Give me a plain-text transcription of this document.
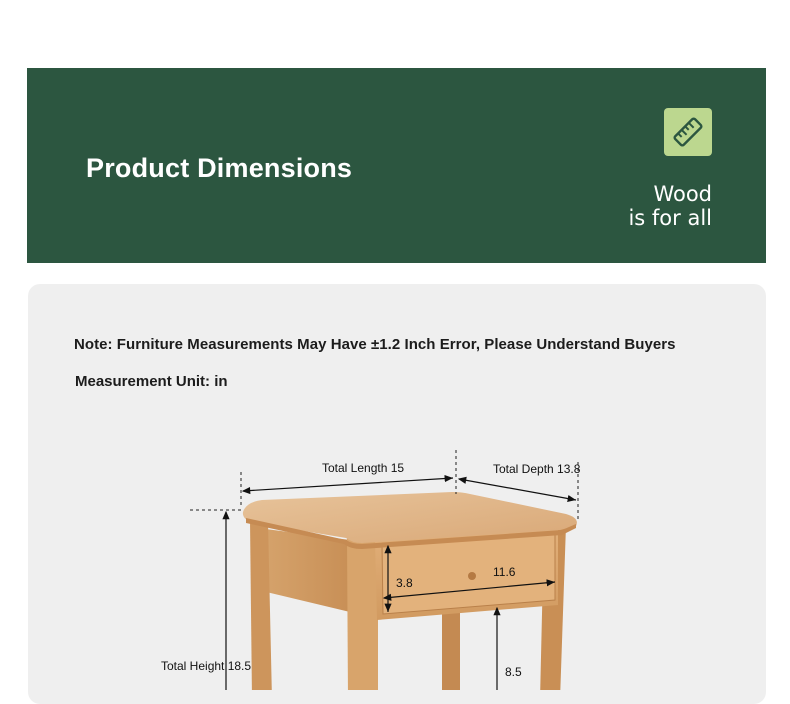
Product Dimensions
Wood
is for all
Note: Furniture Measurements May Have ±1.2 Inch Error, Please Understand Buyers
Measurement Unit: in
Total Length 15	Total Depth 13.8
Total Height 18.5
3.8
11.6
8.5
